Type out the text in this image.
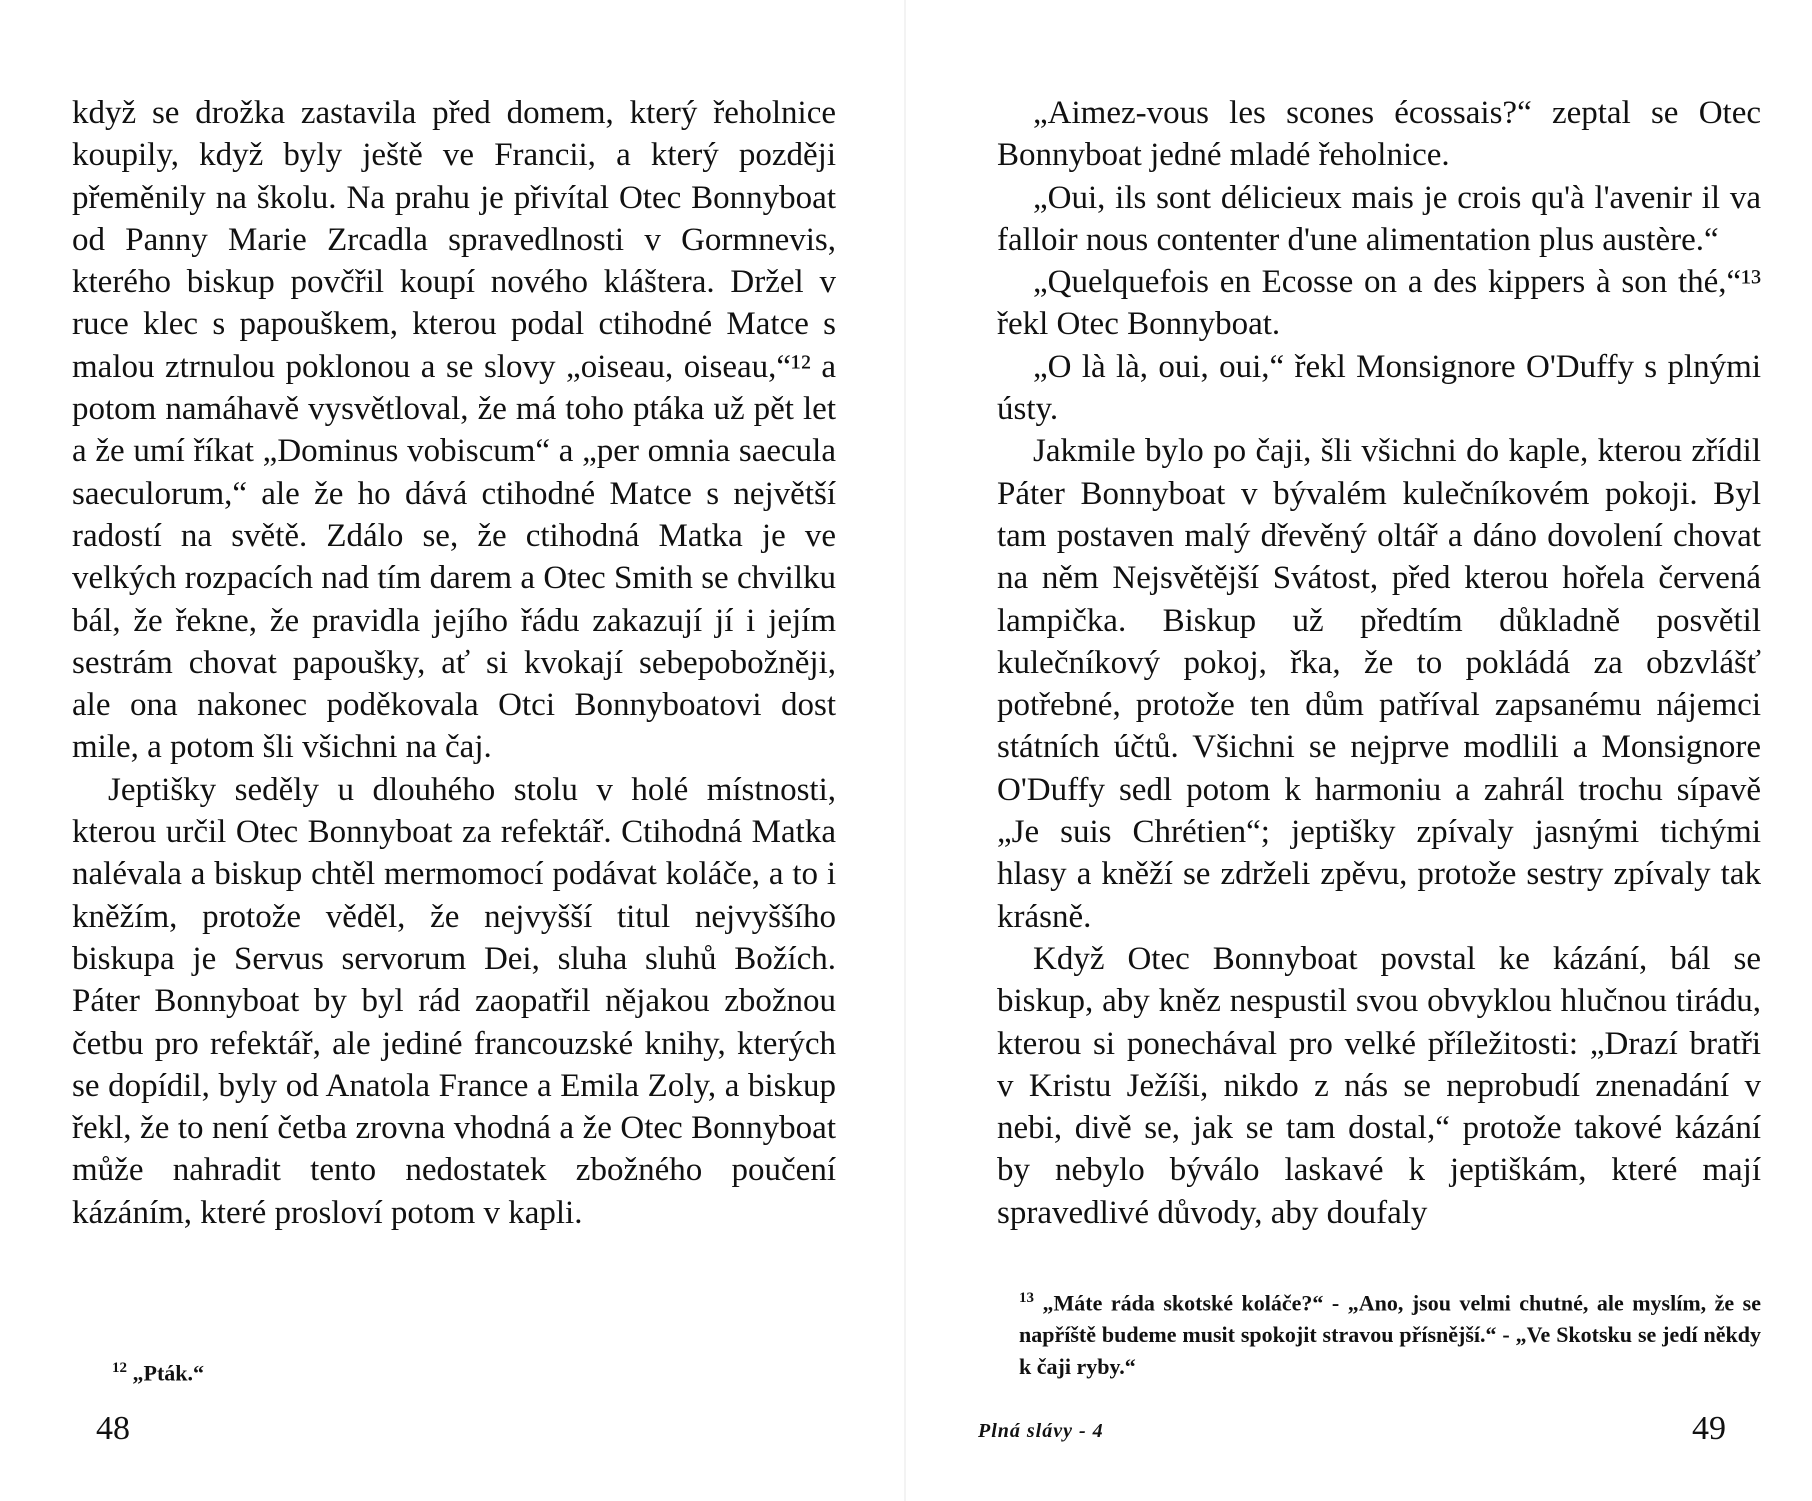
když se drožka zastavila před domem, který řeholnice koupily, když byly ještě ve Francii, a který později přeměnily na školu. Na prahu je přivítal Otec Bonnyboat od Panny Marie Zrcadla spravedlnosti v Gormnevis, kterého biskup povčřil koupí nového kláštera. Držel v ruce klec s papouškem, kterou podal ctihodné Matce s malou ztrnulou poklonou a se slovy „oiseau, oiseau,“¹² a potom namáhavě vysvětloval, že má toho ptáka už pět let a že umí říkat „Dominus vobiscum“ a „per omnia saecula saeculorum,“ ale že ho dává ctihodné Matce s největší radostí na světě. Zdálo se, že ctihodná Matka je ve velkých rozpacích nad tím darem a Otec Smith se chvilku bál, že řekne, že pravidla jejího řádu zakazují jí i jejím sestrám chovat papoušky, ať si kvokají sebepobožněji, ale ona nakonec poděkovala Otci Bonnyboatovi dost mile, a potom šli všichni na čaj.

Jeptišky seděly u dlouhého stolu v holé místnosti, kterou určil Otec Bonnyboat za refektář. Ctihodná Matka nalévala a biskup chtěl mermomocí podávat koláče, a to i kněžím, protože věděl, že nejvyšší titul nejvyššího biskupa je Servus servorum Dei, sluha sluhů Božích. Páter Bonnyboat by byl rád zaopatřil nějakou zbožnou četbu pro refektář, ale jediné francouzské knihy, kterých se dopídil, byly od Anatola France a Emila Zoly, a biskup řekl, že to není četba zrovna vhodná a že Otec Bonnyboat může nahradit tento nedostatek zbožného poučení kázáním, které prosloví potom v kapli.

$^{12}$ „Pták.“
48

„Aimez-vous les scones écossais?“ zeptal se Otec Bonnyboat jedné mladé řeholnice.

„Oui, ils sont délicieux mais je crois qu'à l'avenir il va falloir nous contenter d'une alimentation plus austère.“

„Quelquefois en Ecosse on a des kippers à son thé,“¹³ řekl Otec Bonnyboat.

„O là là, oui, oui,“ řekl Monsignore O'Duffy s plnými ústy.

Jakmile bylo po čaji, šli všichni do kaple, kterou zřídil Páter Bonnyboat v bývalém kulečníkovém pokoji. Byl tam postaven malý dřevěný oltář a dáno dovolení chovat na něm Nejsvětější Svátost, před kterou hořela červená lampička. Biskup už předtím důkladně posvětil kulečníkový pokoj, řka, že to pokládá za obzvlášť potřebné, protože ten dům patříval zapsanému nájemci státních účtů. Všichni se nejprve modlili a Monsignore O'Duffy sedl potom k harmoniu a zahrál trochu sípavě „Je suis Chrétien“; jeptišky zpívaly jasnými tichými hlasy a kněží se zdrželi zpěvu, protože sestry zpívaly tak krásně.

Když Otec Bonnyboat povstal ke kázání, bál se biskup, aby kněz nespustil svou obvyklou hlučnou tirádu, kterou si ponechával pro velké příležitosti: „Drazí bratři v Kristu Ježíši, nikdo z nás se neprobudí znenadání v nebi, divě se, jak se tam dostal,“ protože takové kázání by nebylo býválo laskavé k jeptiškám, které mají spravedlivé důvody, aby doufaly

$^{13}$ „Máte ráda skotské koláče?“ - „Ano, jsou velmi chutné, ale myslím, že se napříště budeme musit spokojit stravou přísnější.“ - „Ve Skotsku se jedí někdy k čaji ryby.“
Plná slávy - 4	49
